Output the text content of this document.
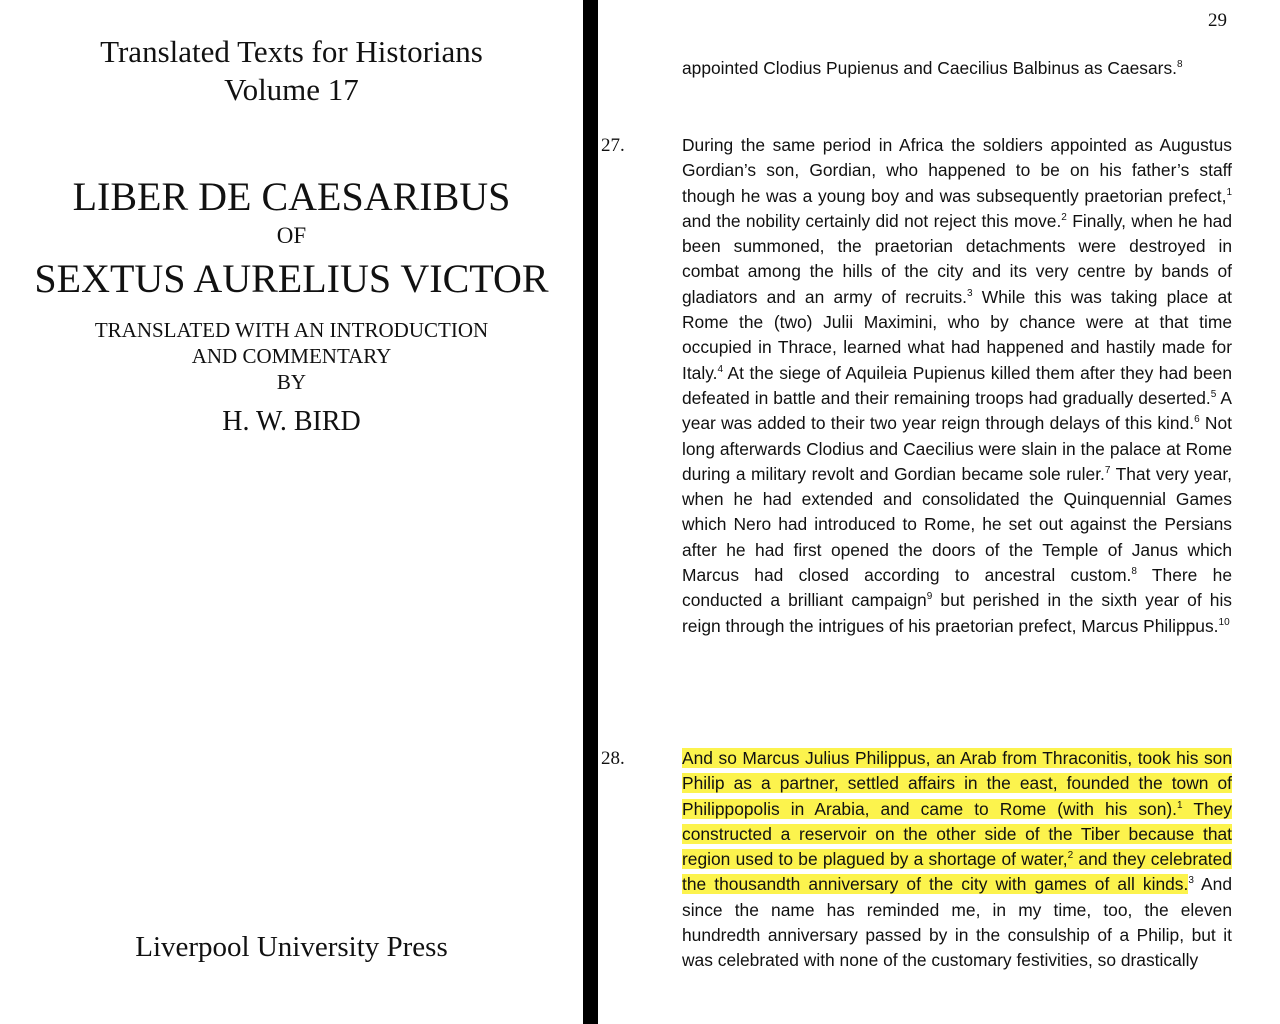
Translated Texts for Historians
Volume 17
LIBER DE CAESARIBUS
OF
SEXTUS AURELIUS VICTOR
TRANSLATED WITH AN INTRODUCTION
AND COMMENTARY
BY
H. W. BIRD
Liverpool University Press
29
appointed Clodius Pupienus and Caecilius Balbinus as Caesars.$^8$
27.	During the same period in Africa the soldiers appointed as Augustus Gordian’s son, Gordian, who happened to be on his father’s staff though he was a young boy and was subsequently praetorian prefect,$^1$ and the nobility certainly did not reject this move.$^2$ Finally, when he had been summoned, the praetorian detachments were destroyed in combat among the hills of the city and its very centre by bands of gladiators and an army of recruits.$^3$ While this was taking place at Rome the (two) Julii Maximini, who by chance were at that time occupied in Thrace, learned what had happened and hastily made for Italy.$^4$ At the siege of Aquileia Pupienus killed them after they had been defeated in battle and their remaining troops had gradually deserted.$^5$ A year was added to their two year reign through delays of this kind.$^6$ Not long afterwards Clodius and Caecilius were slain in the palace at Rome during a military revolt and Gordian became sole ruler.$^7$ That very year, when he had extended and consolidated the Quinquennial Games which Nero had introduced to Rome, he set out against the Persians after he had first opened the doors of the Temple of Janus which Marcus had closed according to ancestral custom.$^8$ There he conducted a brilliant campaign$^9$ but perished in the sixth year of his reign through the intrigues of his praetorian prefect, Marcus Philippus.$^{10}$
28.	And so Marcus Julius Philippus, an Arab from Thraconitis, took his son Philip as a partner, settled affairs in the east, founded the town of Philippopolis in Arabia, and came to Rome (with his son).$^1$ They constructed a reservoir on the other side of the Tiber because that region used to be plagued by a shortage of water,$^2$ and they celebrated the thousandth anniversary of the city with games of all kinds.$^3$ And since the name has reminded me, in my time, too, the eleven hundredth anniversary passed by in the consulship of a Philip, but it was celebrated with none of the customary festivities, so drastically
